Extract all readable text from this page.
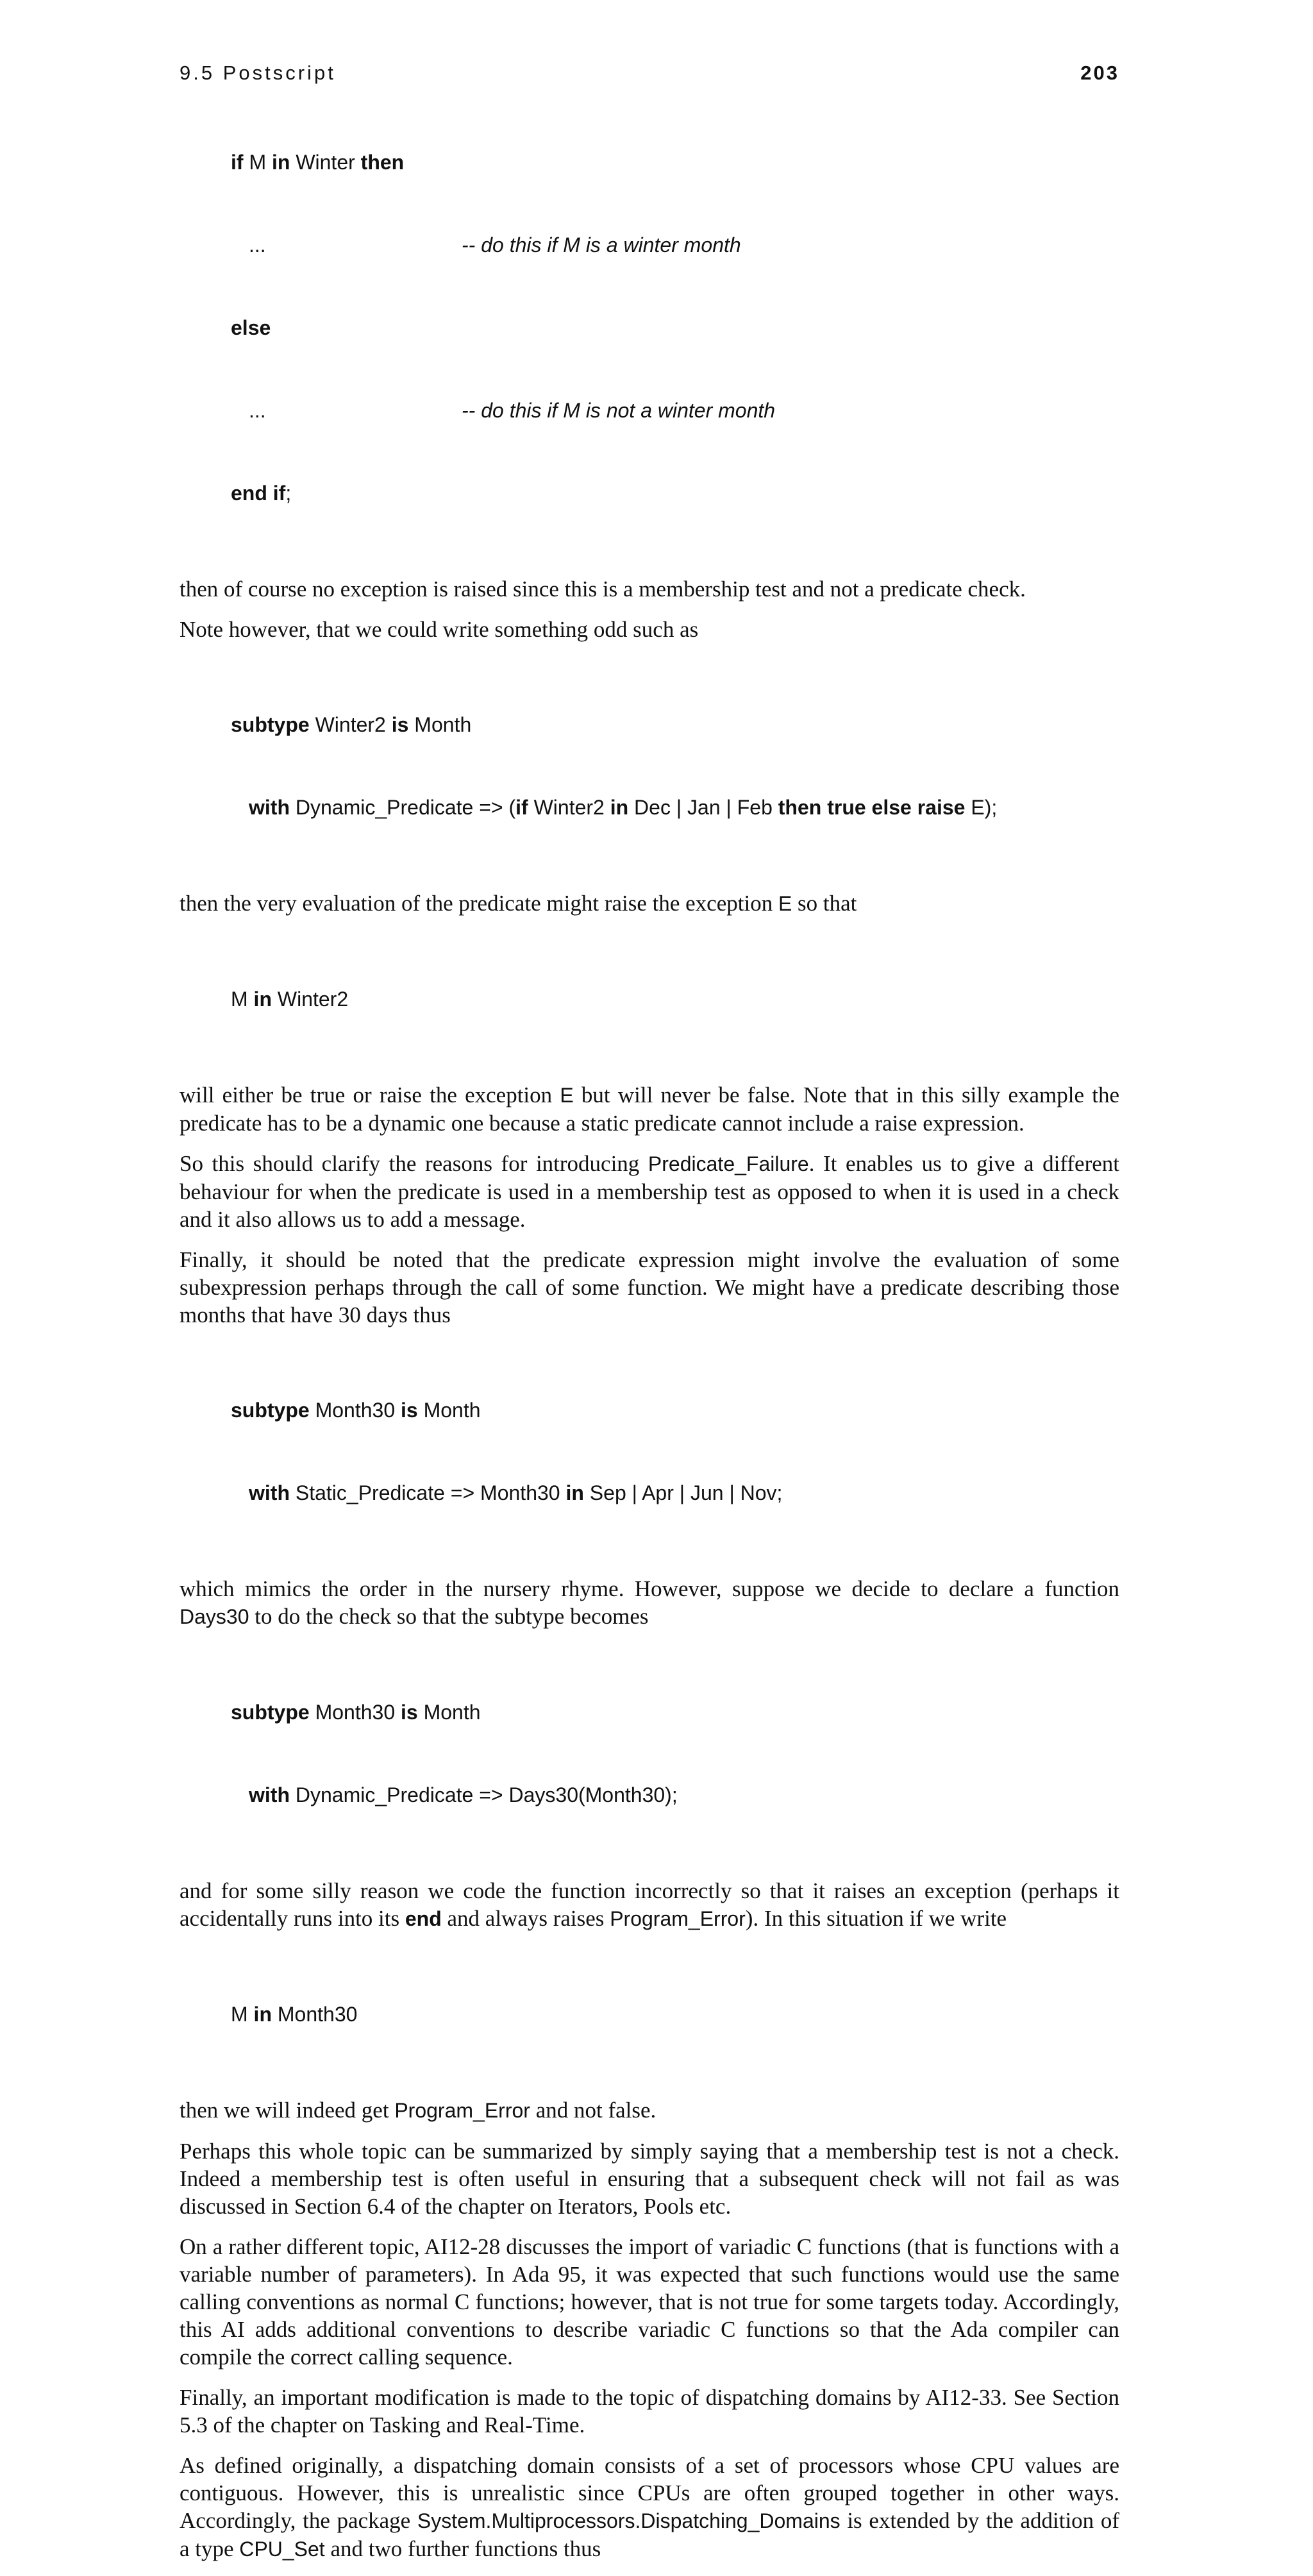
9.5 Postscript	203

if M in Winter then

...	-- do this if M is a winter month

else

...	-- do this if M is not a winter month

end if;

then of course no exception is raised since this is a membership test and not a predicate check.

Note however, that we could write something odd such as

subtype Winter2 is Month

with Dynamic_Predicate => (if Winter2 in Dec | Jan | Feb then true else raise E);

then the very evaluation of the predicate might raise the exception E so that

M in Winter2

will either be true or raise the exception E but will never be false. Note that in this silly example the predicate has to be a dynamic one because a static predicate cannot include a raise expression.

So this should clarify the reasons for introducing Predicate_Failure. It enables us to give a different behaviour for when the predicate is used in a membership test as opposed to when it is used in a check and it also allows us to add a message.

Finally, it should be noted that the predicate expression might involve the evaluation of some subexpression perhaps through the call of some function. We might have a predicate describing those months that have 30 days thus

subtype Month30 is Month

with Static_Predicate => Month30 in Sep | Apr | Jun | Nov;

which mimics the order in the nursery rhyme. However, suppose we decide to declare a function Days30 to do the check so that the subtype becomes

subtype Month30 is Month

with Dynamic_Predicate => Days30(Month30);

and for some silly reason we code the function incorrectly so that it raises an exception (perhaps it accidentally runs into its end and always raises Program_Error). In this situation if we write

M in Month30

then we will indeed get Program_Error and not false.

Perhaps this whole topic can be summarized by simply saying that a membership test is not a check. Indeed a membership test is often useful in ensuring that a subsequent check will not fail as was discussed in Section 6.4 of the chapter on Iterators, Pools etc.

On a rather different topic, AI12-28 discusses the import of variadic C functions (that is functions with a variable number of parameters). In Ada 95, it was expected that such functions would use the same calling conventions as normal C functions; however, that is not true for some targets today. Accordingly, this AI adds additional conventions to describe variadic C functions so that the Ada compiler can compile the correct calling sequence.

Finally, an important modification is made to the topic of dispatching domains by AI12-33. See Section 5.3 of the chapter on Tasking and Real-Time.

As defined originally, a dispatching domain consists of a set of processors whose CPU values are contiguous. However, this is unrealistic since CPUs are often grouped together in other ways. Accordingly, the package System.Multiprocessors.Dispatching_Domains is extended by the addition of a type CPU_Set and two further functions thus
